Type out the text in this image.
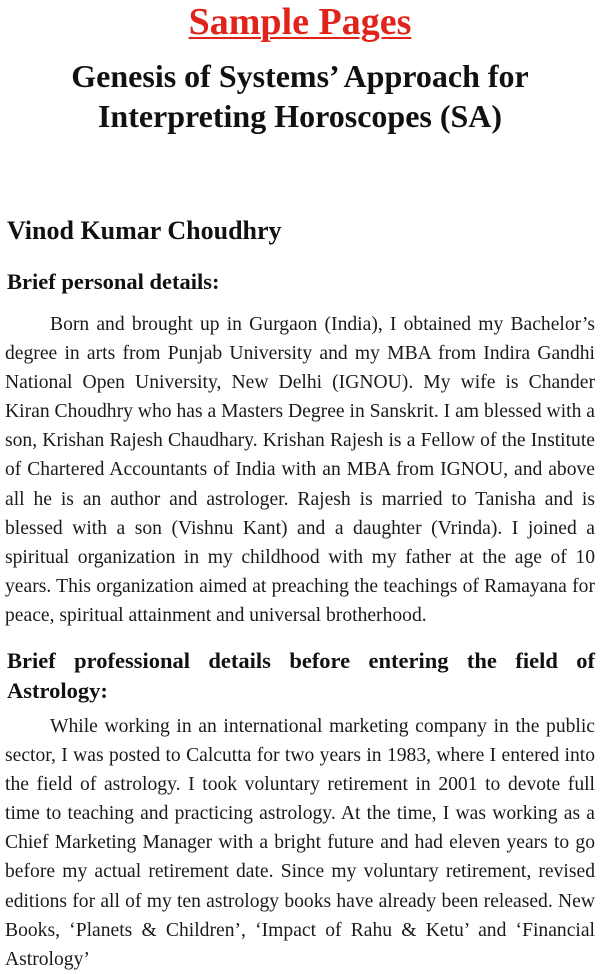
Sample Pages
Genesis of Systems’ Approach for
Interpreting Horoscopes (SA)
Vinod Kumar Choudhry
Brief personal details:

Born and brought up in Gurgaon (India), I obtained my Bachelor’s degree in arts from Punjab University and my MBA from Indira Gandhi National Open University, New Delhi (IGNOU). My wife is Chander Kiran Choudhry who has a Masters Degree in Sanskrit. I am blessed with a son, Krishan Rajesh Chaudhary. Krishan Rajesh is a Fellow of the Institute of Chartered Accountants of India with an MBA from IGNOU, and above all he is an author and astrologer. Rajesh is married to Tanisha and is blessed with a son (Vishnu Kant) and a daughter (Vrinda). I joined a spiritual organization in my childhood with my father at the age of 10 years. This organization aimed at preaching the teachings of Ramayana for peace, spiritual attainment and universal brotherhood.

Brief professional details before entering the field of Astrology:

While working in an international marketing company in the public sector, I was posted to Calcutta for two years in 1983, where I entered into the field of astrology. I took voluntary retirement in 2001 to devote full time to teaching and practicing astrology. At the time, I was working as a Chief Marketing Manager with a bright future and had eleven years to go before my actual retirement date. Since my voluntary retirement, revised editions for all of my ten astrology books have already been released. New Books, ‘Planets & Children’, ‘Impact of Rahu & Ketu’ and ‘Financial Astrology’
